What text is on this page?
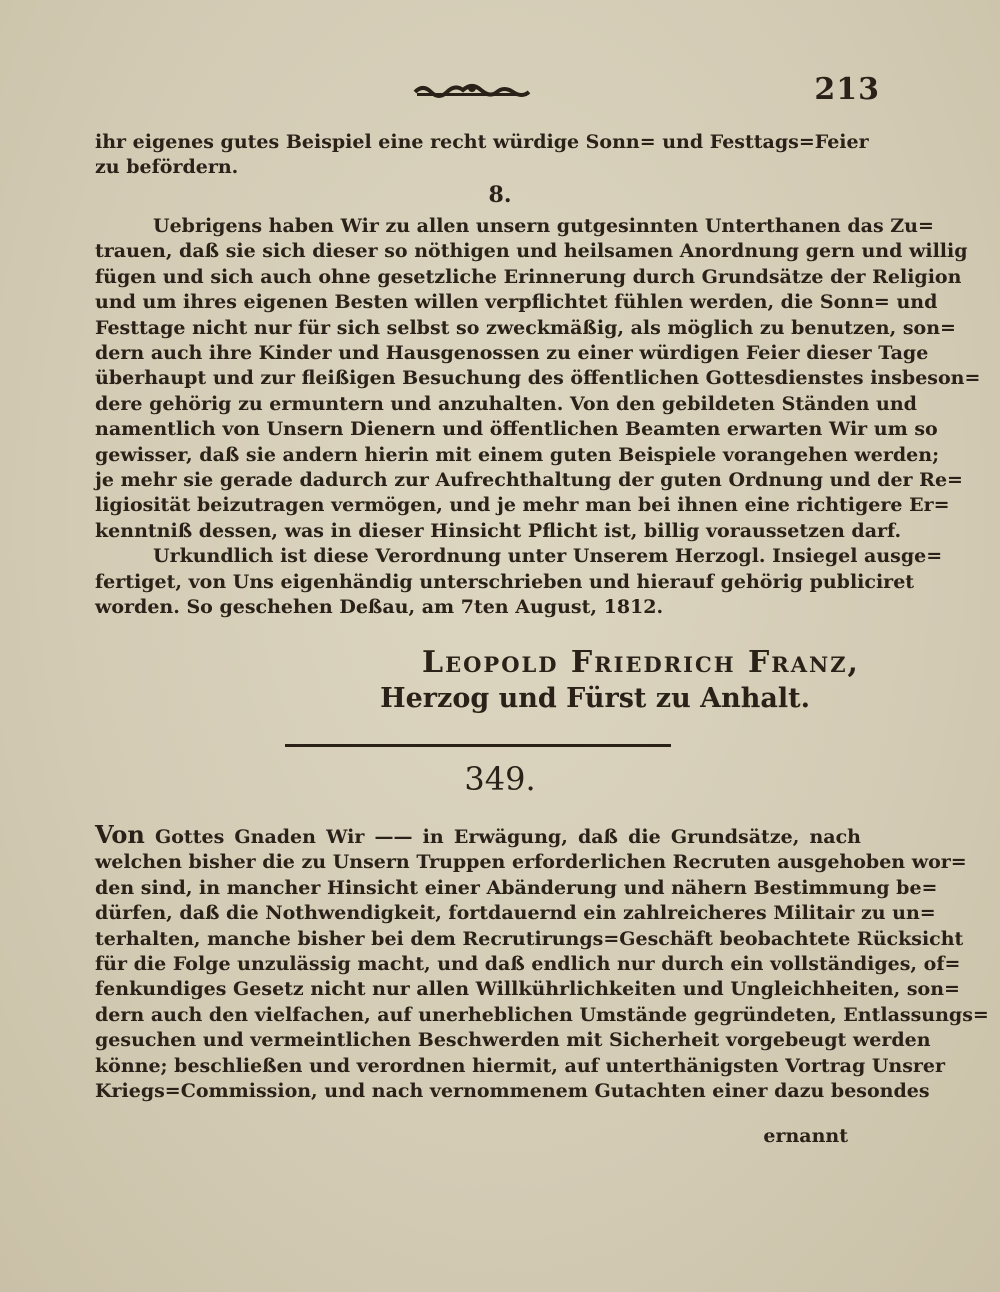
213
ihr eigenes gutes Beispiel eine recht würdige Sonn= und Festtags=Feier
zu befördern.
8.
Uebrigens haben Wir zu allen unsern gutgesinnten Unterthanen das Zu=
trauen, daß sie sich dieser so nöthigen und heilsamen Anordnung gern und willig
fügen und sich auch ohne gesetzliche Erinnerung durch Grundsätze der Religion
und um ihres eigenen Besten willen verpflichtet fühlen werden, die Sonn= und
Festtage nicht nur für sich selbst so zweckmäßig, als möglich zu benutzen, son=
dern auch ihre Kinder und Hausgenossen zu einer würdigen Feier dieser Tage
überhaupt und zur fleißigen Besuchung des öffentlichen Gottesdienstes insbeson=
dere gehörig zu ermuntern und anzuhalten. Von den gebildeten Ständen und
namentlich von Unsern Dienern und öffentlichen Beamten erwarten Wir um so
gewisser, daß sie andern hierin mit einem guten Beispiele vorangehen werden;
je mehr sie gerade dadurch zur Aufrechthaltung der guten Ordnung und der Re=
ligiosität beizutragen vermögen, und je mehr man bei ihnen eine richtigere Er=
kenntniß dessen, was in dieser Hinsicht Pflicht ist, billig voraussetzen darf.
Urkundlich ist diese Verordnung unter Unserem Herzogl. Insiegel ausge=
fertiget, von Uns eigenhändig unterschrieben und hierauf gehörig publiciret
worden. So geschehen Deßau, am 7ten August, 1812.
Leopold Friedrich Franz,
Herzog und Fürst zu Anhalt.
349.
Von Gottes Gnaden Wir —— in Erwägung, daß die Grundsätze, nach
welchen bisher die zu Unsern Truppen erforderlichen Recruten ausgehoben wor=
den sind, in mancher Hinsicht einer Abänderung und nähern Bestimmung be=
dürfen, daß die Nothwendigkeit, fortdauernd ein zahlreicheres Militair zu un=
terhalten, manche bisher bei dem Recrutirungs=Geschäft beobachtete Rücksicht
für die Folge unzulässig macht, und daß endlich nur durch ein vollständiges, of=
fenkundiges Gesetz nicht nur allen Willkührlichkeiten und Ungleichheiten, son=
dern auch den vielfachen, auf unerheblichen Umstände gegründeten, Entlassungs=
gesuchen und vermeintlichen Beschwerden mit Sicherheit vorgebeugt werden
könne; beschließen und verordnen hiermit, auf unterthänigsten Vortrag Unsrer
Kriegs=Commission, und nach vernommenem Gutachten einer dazu besondes
ernannt
